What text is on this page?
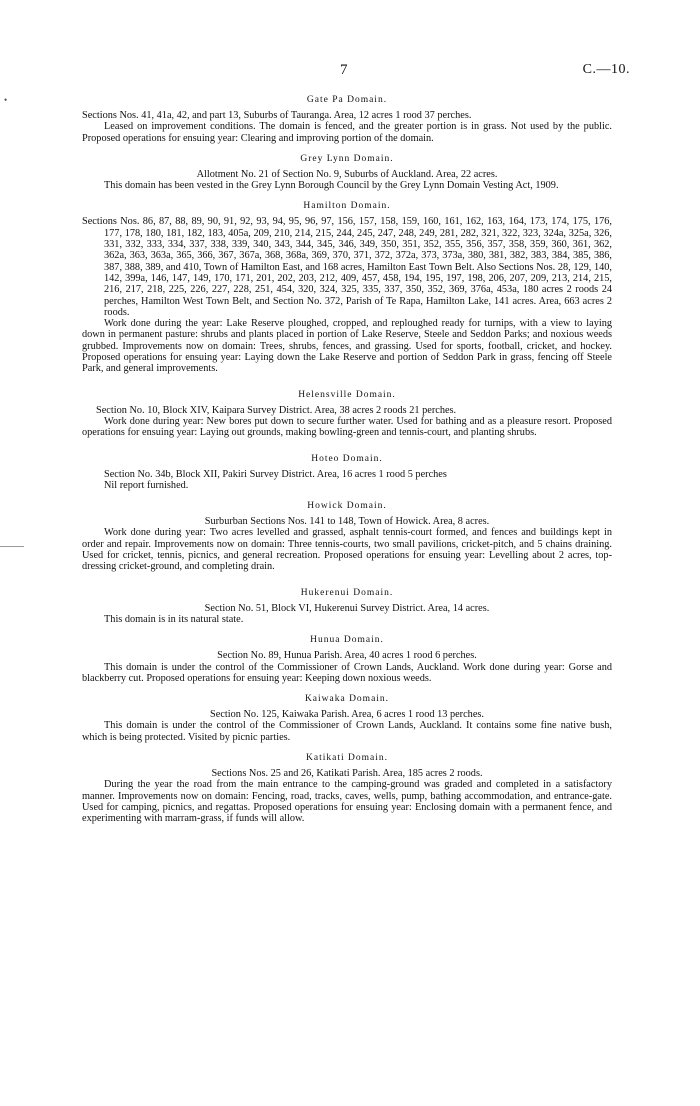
7	C.—10.
•	Gate Pa Domain.

Sections Nos. 41, 41a, 42, and part 13, Suburbs of Tauranga. Area, 12 acres 1 rood 37 perches.

Leased on improvement conditions. The domain is fenced, and the greater portion is in grass. Not used by the public. Proposed operations for ensuing year: Clearing and improving portion of the domain.

Grey Lynn Domain.

Allotment No. 21 of Section No. 9, Suburbs of Auckland. Area, 22 acres.

This domain has been vested in the Grey Lynn Borough Council by the Grey Lynn Domain Vesting Act, 1909.

Hamilton Domain.

Sections Nos. 86, 87, 88, 89, 90, 91, 92, 93, 94, 95, 96, 97, 156, 157, 158, 159, 160, 161, 162, 163, 164, 173, 174, 175, 176, 177, 178, 180, 181, 182, 183, 405a, 209, 210, 214, 215, 244, 245, 247, 248, 249, 281, 282, 321, 322, 323, 324a, 325a, 326, 331, 332, 333, 334, 337, 338, 339, 340, 343, 344, 345, 346, 349, 350, 351, 352, 355, 356, 357, 358, 359, 360, 361, 362, 362a, 363, 363a, 365, 366, 367, 367a, 368, 368a, 369, 370, 371, 372, 372a, 373, 373a, 380, 381, 382, 383, 384, 385, 386, 387, 388, 389, and 410, Town of Hamilton East, and 168 acres, Hamilton East Town Belt. Also Sections Nos. 28, 129, 140, 142, 399a, 146, 147, 149, 170, 171, 201, 202, 203, 212, 409, 457, 458, 194, 195, 197, 198, 206, 207, 209, 213, 214, 215, 216, 217, 218, 225, 226, 227, 228, 251, 454, 320, 324, 325, 335, 337, 350, 352, 369, 376a, 453a, 180 acres 2 roods 24 perches, Hamilton West Town Belt, and Section No. 372, Parish of Te Rapa, Hamilton Lake, 141 acres. Area, 663 acres 2 roods.

Work done during the year: Lake Reserve ploughed, cropped, and reploughed ready for turnips, with a view to laying down in permanent pasture: shrubs and plants placed in portion of Lake Reserve, Steele and Seddon Parks; and noxious weeds grubbed. Improvements now on domain: Trees, shrubs, fences, and grassing. Used for sports, football, cricket, and hockey. Proposed operations for ensuing year: Laying down the Lake Reserve and portion of Seddon Park in grass, fencing off Steele Park, and general improvements.

Helensville Domain.

Section No. 10, Block XIV, Kaipara Survey District. Area, 38 acres 2 roods 21 perches.

Work done during year: New bores put down to secure further water. Used for bathing and as a pleasure resort. Proposed operations for ensuing year: Laying out grounds, making bowling-green and tennis-court, and planting shrubs.

Hoteo Domain.

Section No. 34b, Block XII, Pakiri Survey District. Area, 16 acres 1 rood 5 perches

Nil report furnished.

Howick Domain.

Surburban Sections Nos. 141 to 148, Town of Howick. Area, 8 acres.

Work done during year: Two acres levelled and grassed, asphalt tennis-court formed, and fences and buildings kept in order and repair. Improvements now on domain: Three tennis-courts, two small pavilions, cricket-pitch, and 5 chains draining. Used for cricket, tennis, picnics, and general recreation. Proposed operations for ensuing year: Levelling about 2 acres, top-dressing cricket-ground, and completing drain.

Hukerenui Domain.

Section No. 51, Block VI, Hukerenui Survey District. Area, 14 acres.

This domain is in its natural state.

Hunua Domain.

Section No. 89, Hunua Parish. Area, 40 acres 1 rood 6 perches.

This domain is under the control of the Commissioner of Crown Lands, Auckland. Work done during year: Gorse and blackberry cut. Proposed operations for ensuing year: Keeping down noxious weeds.

Kaiwaka Domain.

Section No. 125, Kaiwaka Parish. Area, 6 acres 1 rood 13 perches.

This domain is under the control of the Commissioner of Crown Lands, Auckland. It contains some fine native bush, which is being protected. Visited by picnic parties.

Katikati Domain.

Sections Nos. 25 and 26, Katikati Parish. Area, 185 acres 2 roods.

During the year the road from the main entrance to the camping-ground was graded and completed in a satisfactory manner. Improvements now on domain: Fencing, road, tracks, caves, wells, pump, bathing accommodation, and entrance-gate. Used for camping, picnics, and regattas. Proposed operations for ensuing year: Enclosing domain with a permanent fence, and experimenting with marram-grass, if funds will allow.
